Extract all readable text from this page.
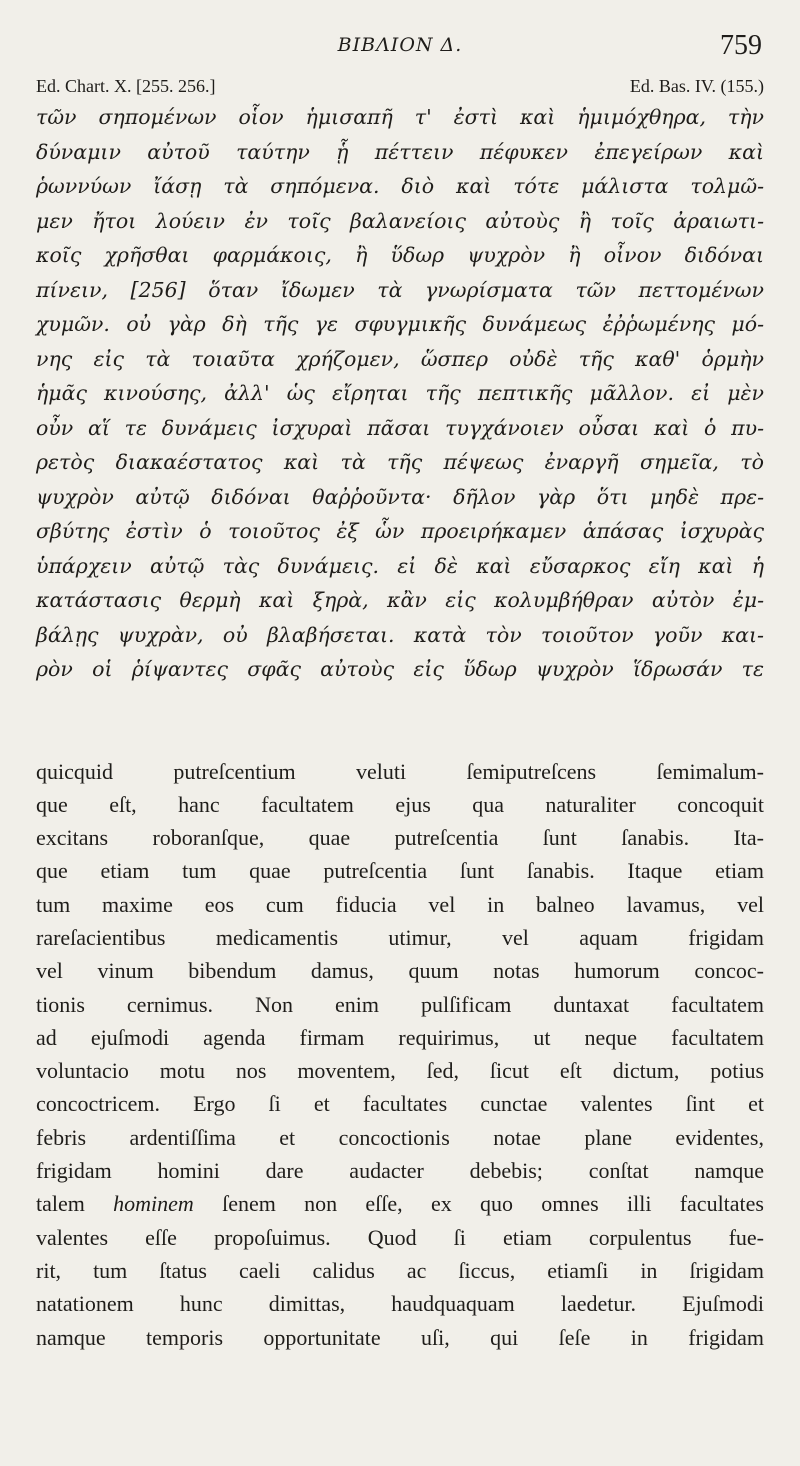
ΒΙΒΛΙΟΝ Δ.	759
Ed. Chart. X. [255. 256.]	Ed. Bas. IV. (155.)
τῶν σηπομένων οἷον ἡμισαπῆ τ' ἐστὶ καὶ ἡμιμόχθηρα, τὴν
δύναμιν αὐτοῦ ταύτην ᾗ πέττειν πέφυκεν ἐπεγείρων καὶ
ῥωννύων ἴάσῃ τὰ σηπόμενα. διὸ καὶ τότε μάλιστα τολμῶ-
μεν ἤτοι λούειν ἐν τοῖς βαλανείοις αὐτοὺς ἢ τοῖς ἀραιωτι-
κοῖς χρῆσθαι φαρμάκοις, ἢ ὕδωρ ψυχρὸν ἢ οἶνον διδόναι
πίνειν, [256] ὅταν ἴδωμεν τὰ γνωρίσματα τῶν πεττομένων
χυμῶν. οὐ γὰρ δὴ τῆς γε σφυγμικῆς δυνάμεως ἐῤῥωμένης μό-
νης εἰς τὰ τοιαῦτα χρήζομεν, ὥσπερ οὐδὲ τῆς καθ' ὁρμὴν
ἡμᾶς κινούσης, ἀλλ' ὡς εἴρηται τῆς πεπτικῆς μᾶλλον. εἰ μὲν
οὖν αἵ τε δυνάμεις ἰσχυραὶ πᾶσαι τυγχάνοιεν οὖσαι καὶ ὁ πυ-
ρετὸς διακαέστατος καὶ τὰ τῆς πέψεως ἐναργῆ σημεῖα, τὸ
ψυχρὸν αὐτῷ διδόναι θαῤῥοῦντα· δῆλον γὰρ ὅτι μηδὲ πρε-
σβύτης ἐστὶν ὁ τοιοῦτος ἐξ ὧν προειρήκαμεν ἁπάσας ἰσχυρὰς
ὑπάρχειν αὐτῷ τὰς δυνάμεις. εἰ δὲ καὶ εὔσαρκος εἴη καὶ ἡ
κατάστασις θερμὴ καὶ ξηρὰ, κἂν εἰς κολυμβήθραν αὐτὸν ἐμ-
βάλῃς ψυχρὰν, οὐ βλαβήσεται. κατὰ τὸν τοιοῦτον γοῦν και-
ρὸν οἱ ῥίψαντες σφᾶς αὐτοὺς εἰς ὕδωρ ψυχρὸν ἵδρωσάν τε
quicquid putreſcentium veluti ſemiputreſcens ſemimalum-
que eſt, hanc facultatem ejus qua naturaliter concoquit
excitans roboranſque, quae putreſcentia ſunt ſanabis. Ita-
que etiam tum quae putreſcentia ſunt ſanabis. Itaque etiam
tum maxime eos cum fiducia vel in balneo lavamus, vel
rareſacientibus medicamentis utimur, vel aquam frigidam
vel vinum bibendum damus, quum notas humorum concoc-
tionis cernimus. Non enim pulſificam duntaxat facultatem
ad ejuſmodi agenda firmam requirimus, ut neque facultatem
voluntacio motu nos moventem, ſed, ſicut eſt dictum, potius
concoctricem. Ergo ſi et facultates cunctae valentes ſint et
febris ardentiſſima et concoctionis notae plane evidentes,
frigidam homini dare audacter debebis; conſtat namque
talem hominem ſenem non eſſe, ex quo omnes illi facultates
valentes eſſe propoſuimus. Quod ſi etiam corpulentus fue-
rit, tum ſtatus caeli calidus ac ſiccus, etiamſi in ſrigidam
natationem hunc dimittas, haudquaquam laedetur. Ejuſmodi
namque temporis opportunitate uſi, qui ſeſe in frigidam
